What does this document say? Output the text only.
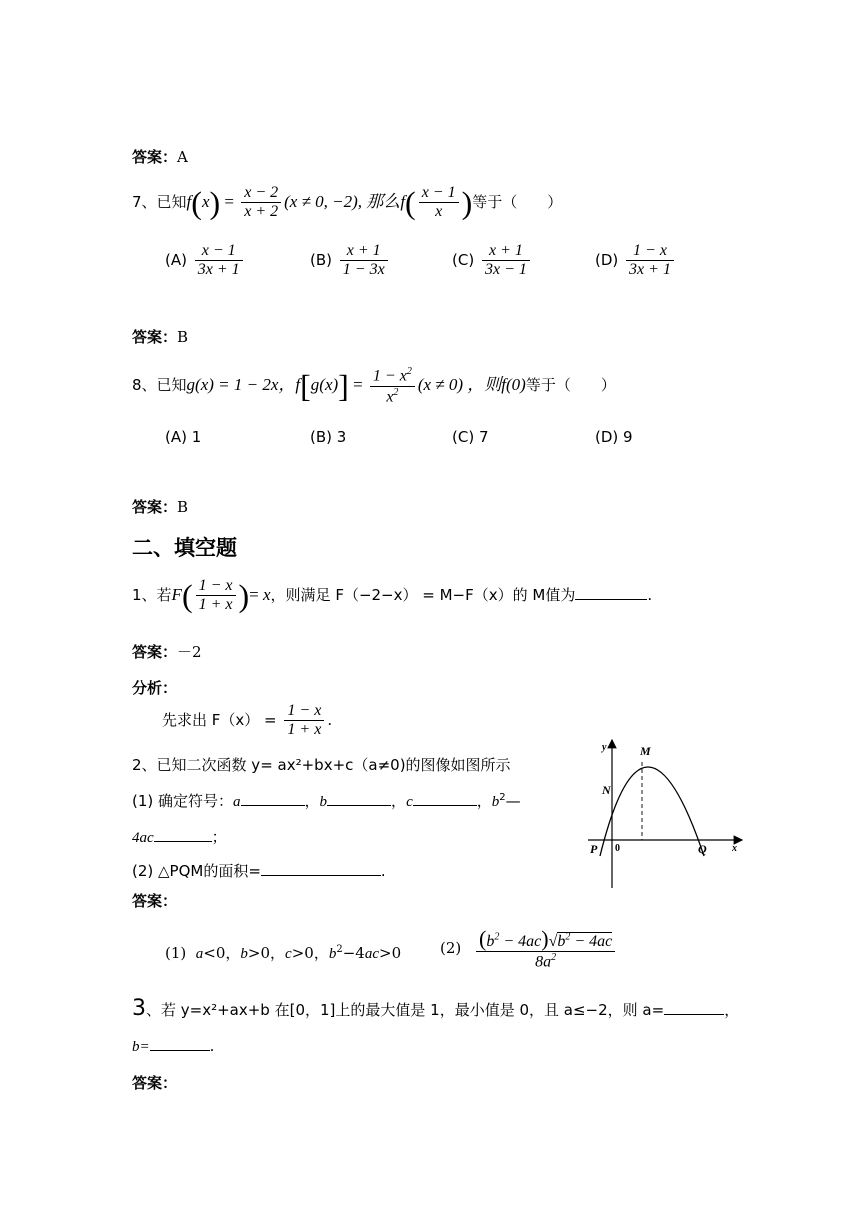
答案：A
7、已知$f(x) = \frac{x - 2}{x + 2} (x \ne 0$, −2), 那么$f( \frac{x - 1}{x}$ )等于（　　）
$(A) \frac{x - 1}{3x + 1}$	$(B) \frac{x + 1}{1 - 3x}$	$(C) \frac{x + 1}{3x - 1}$	$(D) \frac{1 - x}{3x + 1}$
答案：B
8、已知g(x) = 1 − 2x，$f[g(x)] = \frac{1 - x^2}{x^2} (x \ne 0)$ ，则f(0)等于（　　）
(A) 1	(B) 3	(C) 7	(D) 9
答案：B
二、填空题
1、若$F( \frac{1 - x}{1 + x}$ )= x，则满足 F（−2−x） = M−F（x）的 M值为	.
答案：－2
分析：
先求出 $F(x) = \frac{1 - x}{1 + x}$ .
2、已知二次函数 y= ax²+bx+c（a≠0)的图像如图所示
(1) 确定符号：a	，b	，c	，$b^2—$
4ac	；
(2) △PQM的面积=	.
y
x
M
N
P 0	Q
答案：
(1)  a<0，b>0，c>0，$b^2-4ac>0$	$(2) \frac{(b^2 - 4ac)√b^2 - 4ac}{8a^2}$
3、若 y=x²+ax+b 在[0，1]上的最大值是 1，最小值是 0，且 a≤−2，则 a=	，
b=	.
答案：
